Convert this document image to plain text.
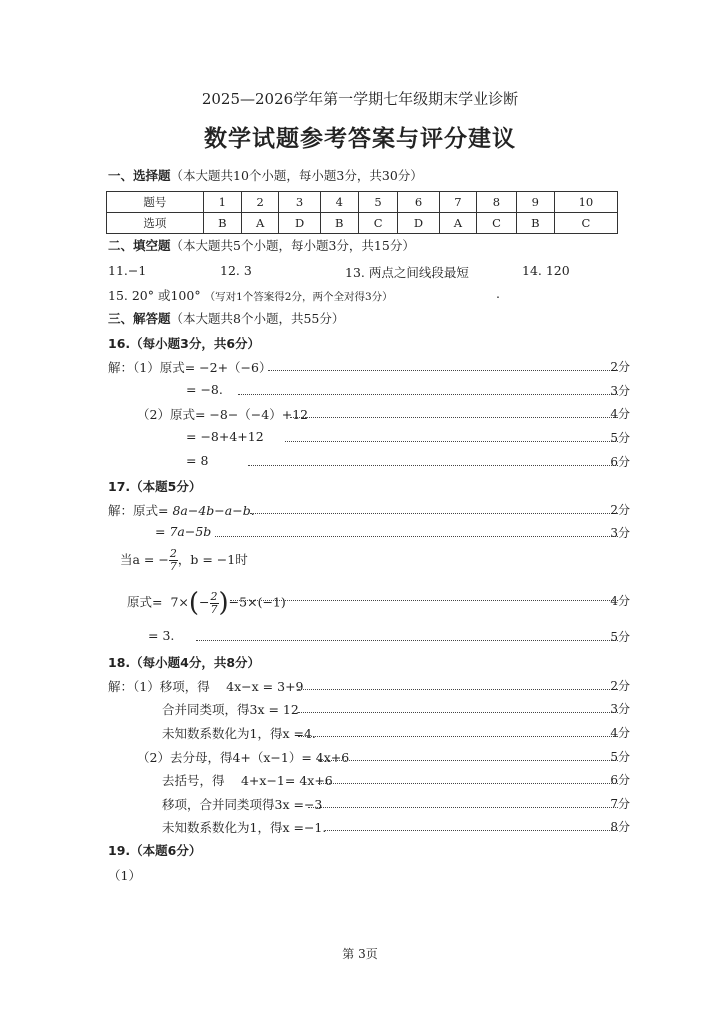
2025—2026学年第一学期七年级期末学业诊断
数学试题参考答案与评分建议
一、选择题（本大题共10个小题，每小题3分，共30分）
题号	1	2	3	4	5	6	7	8	9	10
选项	B	A	D	B	C	D	A	C	B	C
二、填空题（本大题共5个小题，每小题3分，共15分）
11.−1	12. 3	13. 两点之间线段最短	14. 120
15. 20° 或100° （写对1个答案得2分，两个全对得3分）	.
三、解答题（本大题共8个小题，共55分）
16.（每小题3分，共6分）
解：（1）原式= −2+（−6）	2分
= −8.	3分
（2）原式= −8−（−4）+12	4分
= −8+4+12	5分
= 8	6分
17.（本题5分）
解：原式= 8a−4b−a−b.	2分
= 7a−5b	3分
当a = − $\frac{2}{7}$ ，b = −1时
原式= $7\times(- \frac{2}{7} )-5\times(-1)$	4分
= 3.	5分
18.（每小题4分，共8分）
解：（1）移项，得　 4x−x = 3+9	2分
合并同类项，得3x = 12	3分
未知数系数化为1，得x =4.	4分
（2）去分母，得4+（x−1）= 4x+6	5分
去括号，得　 4+x−1= 4x+6	6分
移项，合并同类项得3x =−3	7分
未知数系数化为1，得x =−1.	8分
19.（本题6分）
（1）
第 3页
